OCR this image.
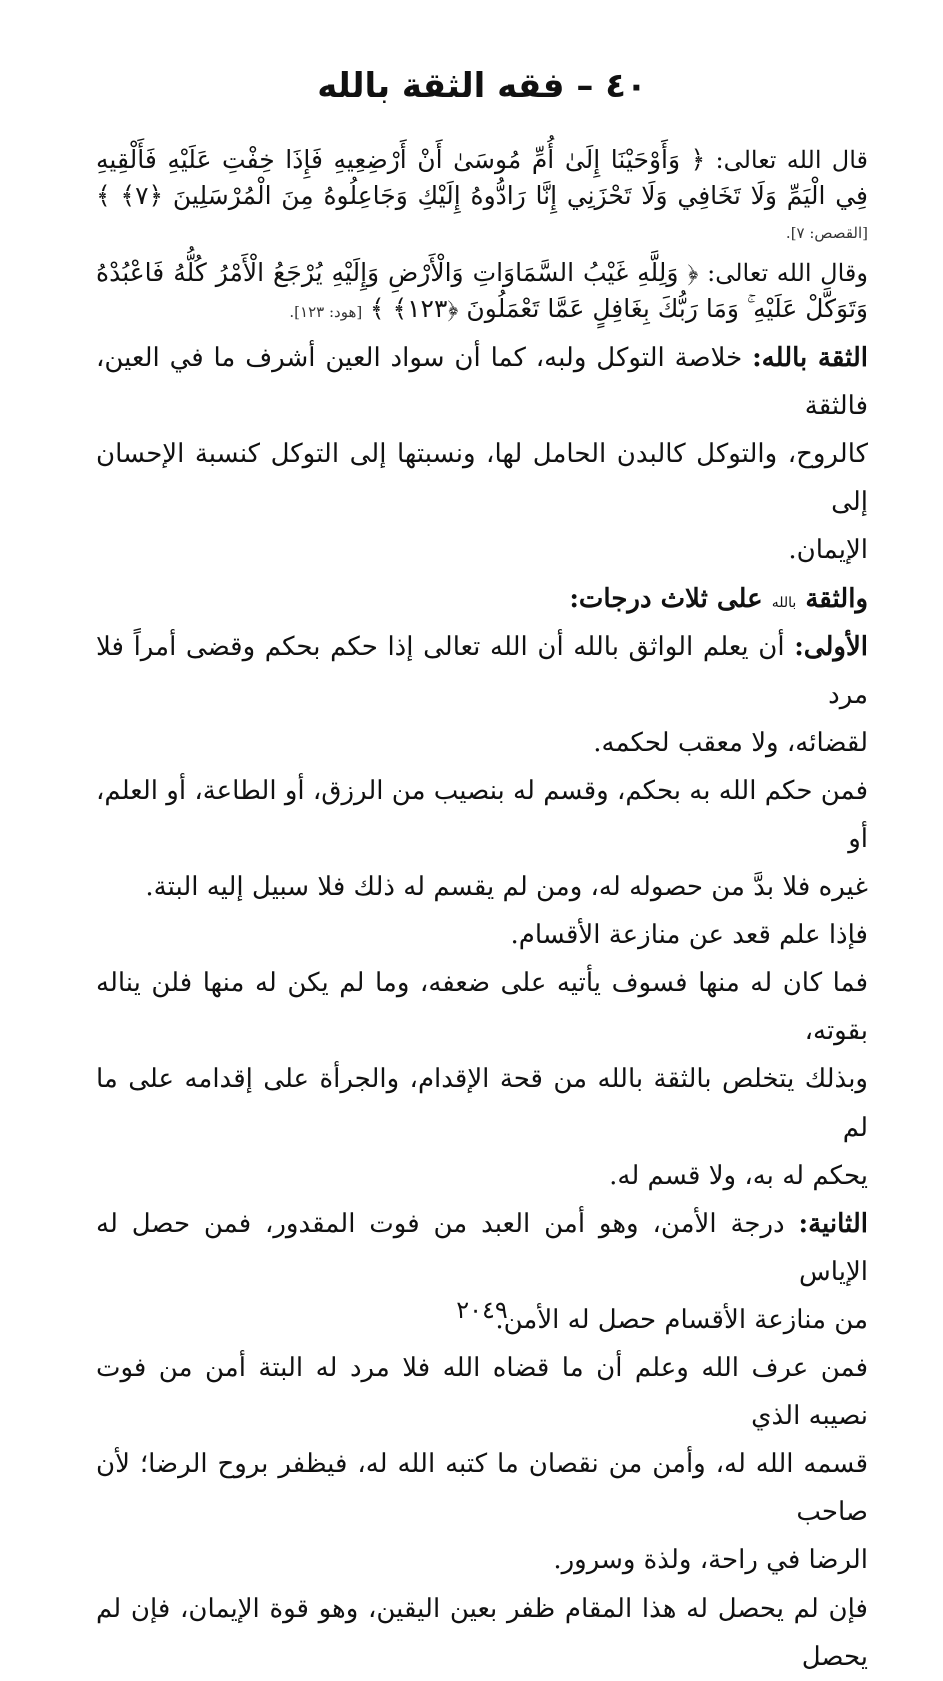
٤٠ – فقه الثقة بالله
قال الله تعالى: ﴿ وَأَوْحَيْنَا إِلَىٰ أُمِّ مُوسَىٰ أَنْ أَرْضِعِيهِ فَإِذَا خِفْتِ عَلَيْهِ فَأَلْقِيهِ فِي الْيَمِّ وَلَا تَخَافِي وَلَا تَحْزَنِي إِنَّا رَادُّوهُ إِلَيْكِ وَجَاعِلُوهُ مِنَ الْمُرْسَلِينَ ﴿٧﴾ ﴾ [القصص: ٧].
وقال الله تعالى: ﴿ وَلِلَّهِ غَيْبُ السَّمَاوَاتِ وَالْأَرْضِ وَإِلَيْهِ يُرْجَعُ الْأَمْرُ كُلُّهُ فَاعْبُدْهُ وَتَوَكَّلْ عَلَيْهِ ۚ وَمَا رَبُّكَ بِغَافِلٍ عَمَّا تَعْمَلُونَ ﴿١٢٣﴾ ﴾ [هود: ١٢٣].

الثقة بالله: خلاصة التوكل ولبه، كما أن سواد العين أشرف ما في العين، فالثقة

كالروح، والتوكل كالبدن الحامل لها، ونسبتها إلى التوكل كنسبة الإحسان إلى

الإيمان.

والثقة بالله على ثلاث درجات:

الأولى: أن يعلم الواثق بالله أن الله تعالى إذا حكم بحكم وقضى أمراً فلا مرد

لقضائه، ولا معقب لحكمه.

فمن حكم الله به بحكم، وقسم له بنصيب من الرزق، أو الطاعة، أو العلم، أو

غيره فلا بدَّ من حصوله له، ومن لم يقسم له ذلك فلا سبيل إليه البتة.

فإذا علم قعد عن منازعة الأقسام.

فما كان له منها فسوف يأتيه على ضعفه، وما لم يكن له منها فلن يناله بقوته،

وبذلك يتخلص بالثقة بالله من قحة الإقدام، والجرأة على إقدامه على ما لم

يحكم له به، ولا قسم له.

الثانية: درجة الأمن، وهو أمن العبد من فوت المقدور، فمن حصل له الإياس

من منازعة الأقسام حصل له الأمن.

فمن عرف الله وعلم أن ما قضاه الله فلا مرد له البتة أمن من فوت نصيبه الذي

قسمه الله له، وأمن من نقصان ما كتبه الله له، فيظفر بروح الرضا؛ لأن صاحب

الرضا في راحة، ولذة وسرور.

فإن لم يحصل له هذا المقام ظفر بعين اليقين، وهو قوة الإيمان، فإن لم يحصل

٢٠٤٩
